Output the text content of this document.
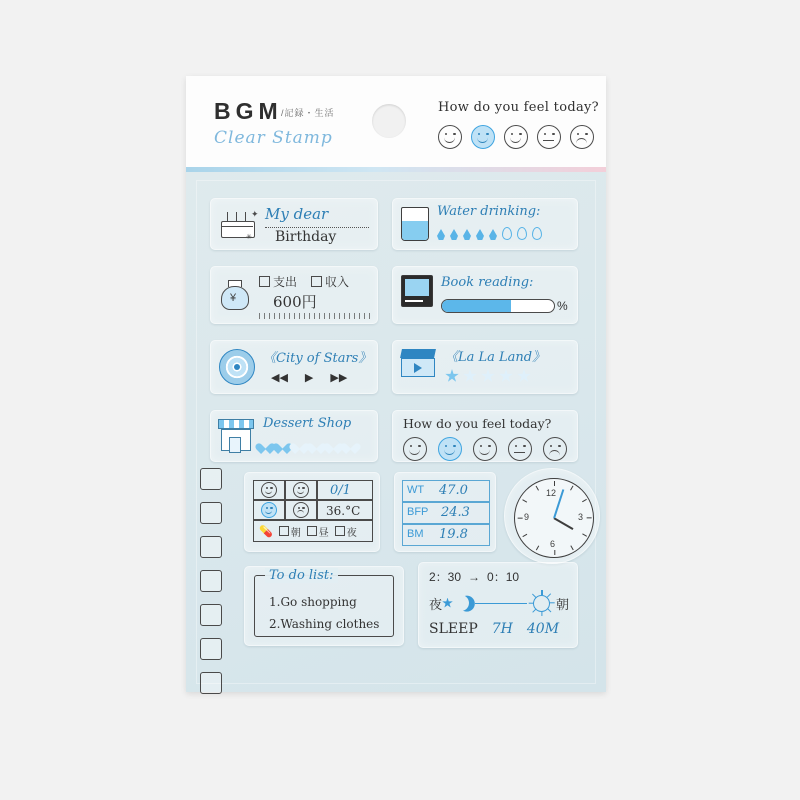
BGM
/記録・生活
Clear Stamp
How do you feel today?
✦
✳
My dear
Birthday
Water drinking:
¥
支出 収入
600円
Book reading:
%
《City of Stars》
◀◀ ▶ ▶▶
《La La Land》
Dessert Shop	How do you feel today?
0/1
36.°C
💊 朝 昼 夜
WT 47.0
BFP 24.3
BM 19.8
12
3
6
9
To do list:
1.Go shopping
2.Washing clothes
2：30 → 0：10
夜	朝
SLEEP 7H 40M
